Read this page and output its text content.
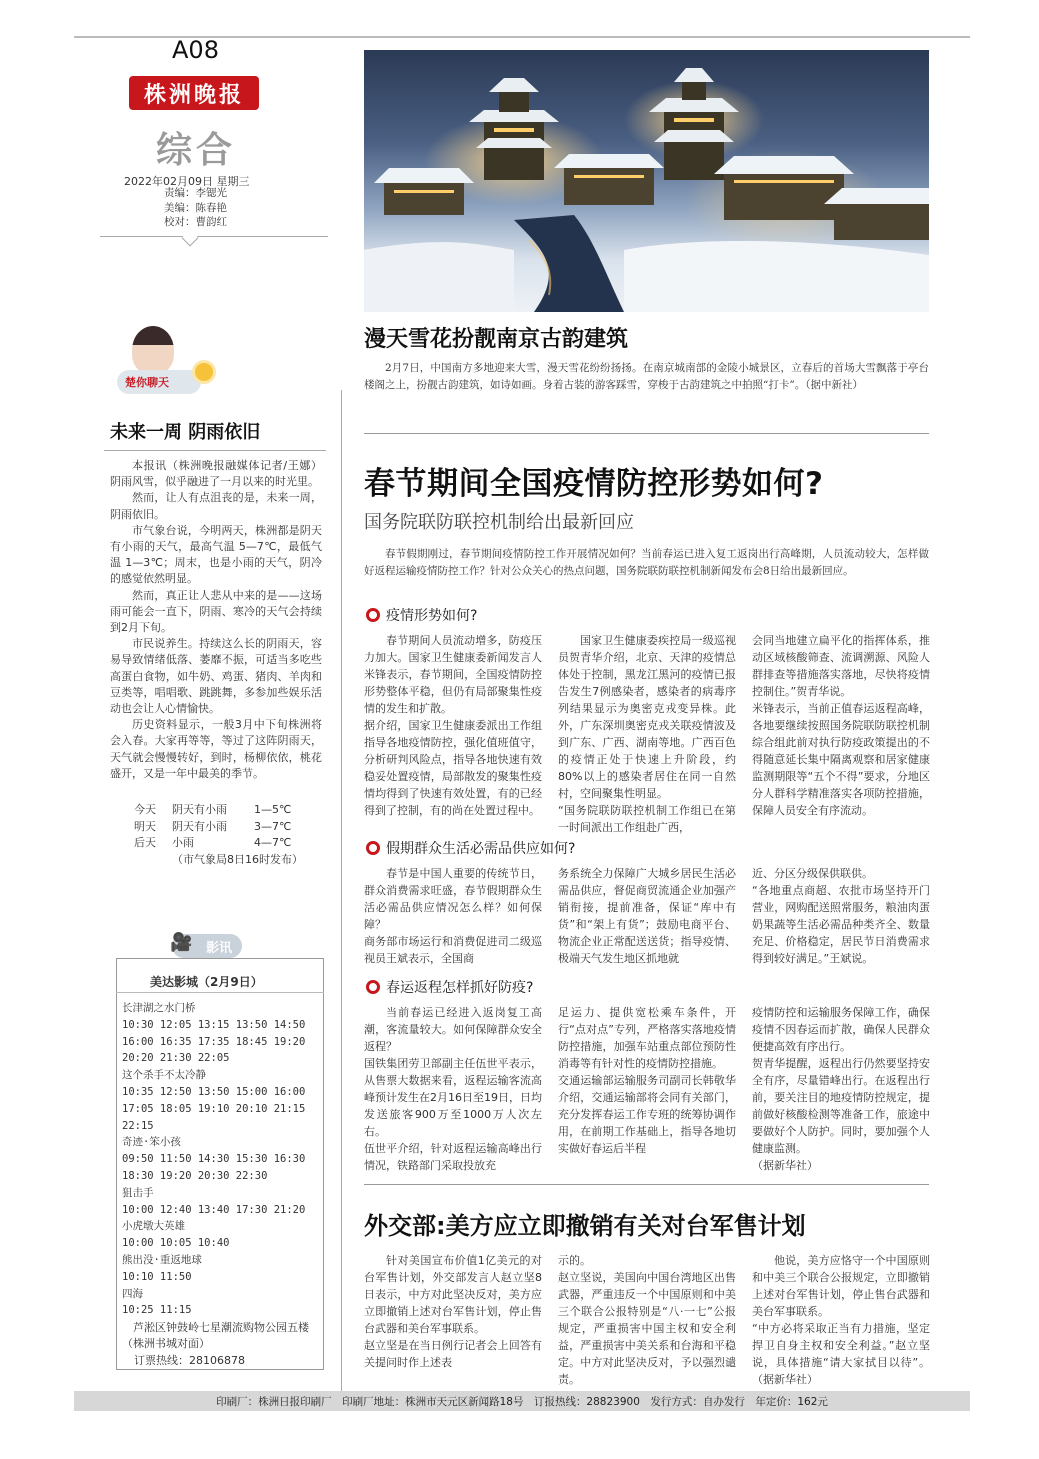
A08
株洲晚报
综合
2022年02月09日 星期三
责编：李锶光
美编：陈春艳
校对：曹韵红
漫天雪花扮靓南京古韵建筑
2月7日，中国南方多地迎来大雪，漫天雪花纷纷扬扬。在南京城南部的金陵小城景区，立春后的首场大雪飘落于亭台楼阁之上，扮靓古韵建筑，如诗如画。身着古装的游客踩雪，穿梭于古韵建筑之中拍照“打卡”。（据中新社）
楚你聊天
未来一周 阴雨依旧

本报讯（株洲晚报融媒体记者/王娜）阴雨风雪，似乎融进了一月以来的时光里。

然而，让人有点沮丧的是，未来一周，阴雨依旧。

市气象台说，今明两天，株洲都是阴天有小雨的天气，最高气温 5—7℃，最低气温 1—3℃；周末，也是小雨的天气，阴冷的感觉依然明显。

然而，真正让人悲从中来的是——这场雨可能会一直下，阴雨、寒冷的天气会持续到2月下旬。

市民说养生。持续这么长的阴雨天，容易导致情绪低落、萎靡不振，可适当多吃些高蛋白食物，如牛奶、鸡蛋、猪肉、羊肉和豆类等，唱唱歌、跳跳舞，多参加些娱乐活动也会让人心情愉快。

历史资料显示，一般3月中下旬株洲将会入春。大家再等等，等过了这阵阴雨天，天气就会慢慢转好，到时，杨柳依依，桃花盛开，又是一年中最美的季节。

今天	阴天有小雨	1—5℃
明天	阴天有小雨	3—7℃
后天	小雨	4—7℃
（市气象局8日16时发布）
🎥 影讯
美达影城（2月9日）
长津湖之水门桥
10:30 12:05 13:15 13:50 14:50
16:00 16:35 17:35 18:45 19:20
20:20 21:30 22:05
这个杀手不太冷静
10:35 12:50 13:50 15:00 16:00
17:05 18:05 19:10 20:10 21:15
22:15
奇迹·笨小孩
09:50 11:50 14:30 15:30 16:30
18:30 19:20 20:30 22:30
狙击手
10:00 12:40 13:40 17:30 21:20
小虎墩大英雄
10:00 10:05 10:40
熊出没·重返地球
10:10 11:50
四海
10:25 11:15
芦淞区钟鼓岭七星潮流购物公园五楼（株洲书城对面）
订票热线：28106878
春节期间全国疫情防控形势如何?
国务院联防联控机制给出最新回应
春节假期刚过，春节期间疫情防控工作开展情况如何？当前春运已进入复工返岗出行高峰期，人员流动较大，怎样做好返程运输疫情防控工作？针对公众关心的热点问题，国务院联防联控机制新闻发布会8日给出最新回应。
疫情形势如何?
春节期间人员流动增多，防疫压力加大。国家卫生健康委新闻发言人米锋表示，春节期间，全国疫情防控形势整体平稳，但仍有局部聚集性疫情的发生和扩散。
据介绍，国家卫生健康委派出工作组指导各地疫情防控，强化值班值守，分析研判风险点，指导各地快速有效稳妥处置疫情，局部散发的聚集性疫情均得到了快速有效处置，有的已经得到了控制，有的尚在处置过程中。
国家卫生健康委疾控局一级巡视员贺青华介绍，北京、天津的疫情总体处于控制，黑龙江黑河的疫情已报告发生7例感染者，感染者的病毒序列结果显示为奥密克戎变异株。此外，广东深圳奥密克戎关联疫情波及到广东、广西、湖南等地。广西百色的疫情正处于快速上升阶段，约80%以上的感染者居住在同一自然村，空间聚集性明显。
“国务院联防联控机制工作组已在第一时间派出工作组赴广西，
会同当地建立扁平化的指挥体系，推动区域核酸筛查、流调溯源、风险人群排查等措施落实落地，尽快将疫情控制住。”贺青华说。
米锋表示，当前正值春运返程高峰，各地要继续按照国务院联防联控机制综合组此前对执行防疫政策提出的不得随意延长集中隔离观察和居家健康监测期限等“五个不得”要求，分地区分人群科学精准落实各项防控措施，保障人员安全有序流动。
假期群众生活必需品供应如何?
春节是中国人重要的传统节日，群众消费需求旺盛，春节假期群众生活必需品供应情况怎么样？如何保障？
商务部市场运行和消费促进司二级巡视员王斌表示，全国商
务系统全力保障广大城乡居民生活必需品供应，督促商贸流通企业加强产销衔接，提前准备，保证“库中有货”和“架上有货”；鼓励电商平台、物流企业正常配送送货；指导疫情、极端天气发生地区抓地就
近、分区分级保供联供。
“各地重点商超、农批市场坚持开门营业，网购配送照常服务，粮油肉蛋奶果蔬等生活必需品种类齐全、数量充足、价格稳定，居民节日消费需求得到较好满足。”王斌说。
春运返程怎样抓好防疫?
当前春运已经进入返岗复工高潮，客流量较大。如何保障群众安全返程？
国铁集团劳卫部副主任伍世平表示，从售票大数据来看，返程运输客流高峰预计发生在2月16日至19日，日均发送旅客900万至1000万人次左右。
伍世平介绍，针对返程运输高峰出行情况，铁路部门采取投放充
足运力、提供宽松乘车条件，开行“点对点”专列，严格落实落地疫情防控措施，加强车站重点部位预防性消毒等有针对性的疫情防控措施。
交通运输部运输服务司副司长韩敬华介绍，交通运输部将会同有关部门，充分发挥春运工作专班的统筹协调作用，在前期工作基础上，指导各地切实做好春运后半程
疫情防控和运输服务保障工作，确保疫情不因春运而扩散，确保人民群众便捷高效有序出行。
贺青华提醒，返程出行仍然要坚持安全有序，尽量错峰出行。在返程出行前，要关注目的地疫情防控规定，提前做好核酸检测等准备工作，旅途中要做好个人防护。同时，要加强个人健康监测。
（据新华社）
外交部:美方应立即撤销有关对台军售计划
针对美国宣布价值1亿美元的对台军售计划，外交部发言人赵立坚8日表示，中方对此坚决反对，美方应立即撤销上述对台军售计划，停止售台武器和美台军事联系。
赵立坚是在当日例行记者会上回答有关提问时作上述表
示的。
赵立坚说，美国向中国台湾地区出售武器，严重违反一个中国原则和中美三个联合公报特别是“八·一七”公报规定，严重损害中国主权和安全利益，严重损害中美关系和台海和平稳定。中方对此坚决反对，予以强烈谴责。
他说，美方应恪守一个中国原则和中美三个联合公报规定，立即撤销上述对台军售计划，停止售台武器和美台军事联系。
“中方必将采取正当有力措施，坚定捍卫自身主权和安全利益。”赵立坚说，具体措施“请大家拭目以待”。（据新华社）
印刷厂：株洲日报印刷厂　印刷厂地址：株洲市天元区新闻路18号　订报热线：28823900　发行方式：自办发行　年定价：162元
